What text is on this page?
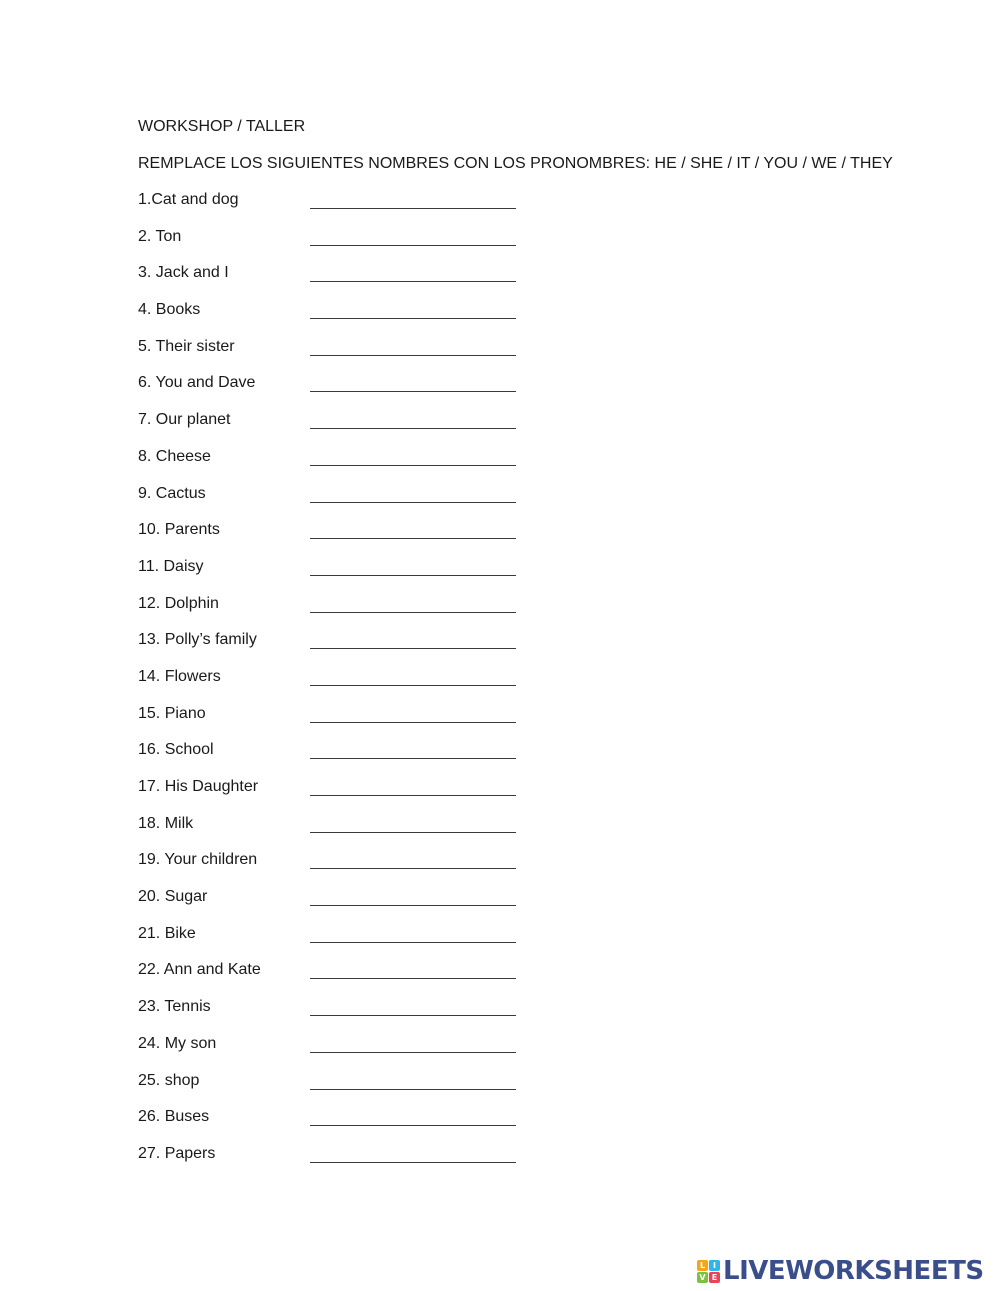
WORKSHOP / TALLER
REMPLACE LOS SIGUIENTES NOMBRES CON LOS PRONOMBRES: HE / SHE / IT / YOU / WE / THEY
1.Cat and dog
2. Ton
3. Jack and I
4. Books
5. Their sister
6. You and Dave
7. Our planet
8. Cheese
9. Cactus
10. Parents
11. Daisy
12. Dolphin
13. Polly’s family
14. Flowers
15. Piano
16. School
17. His Daughter
18. Milk
19. Your children
20. Sugar
21. Bike
22. Ann and Kate
23. Tennis
24. My son
25. shop
26. Buses
27. Papers
L I
V E LIVEWORKSHEETS
